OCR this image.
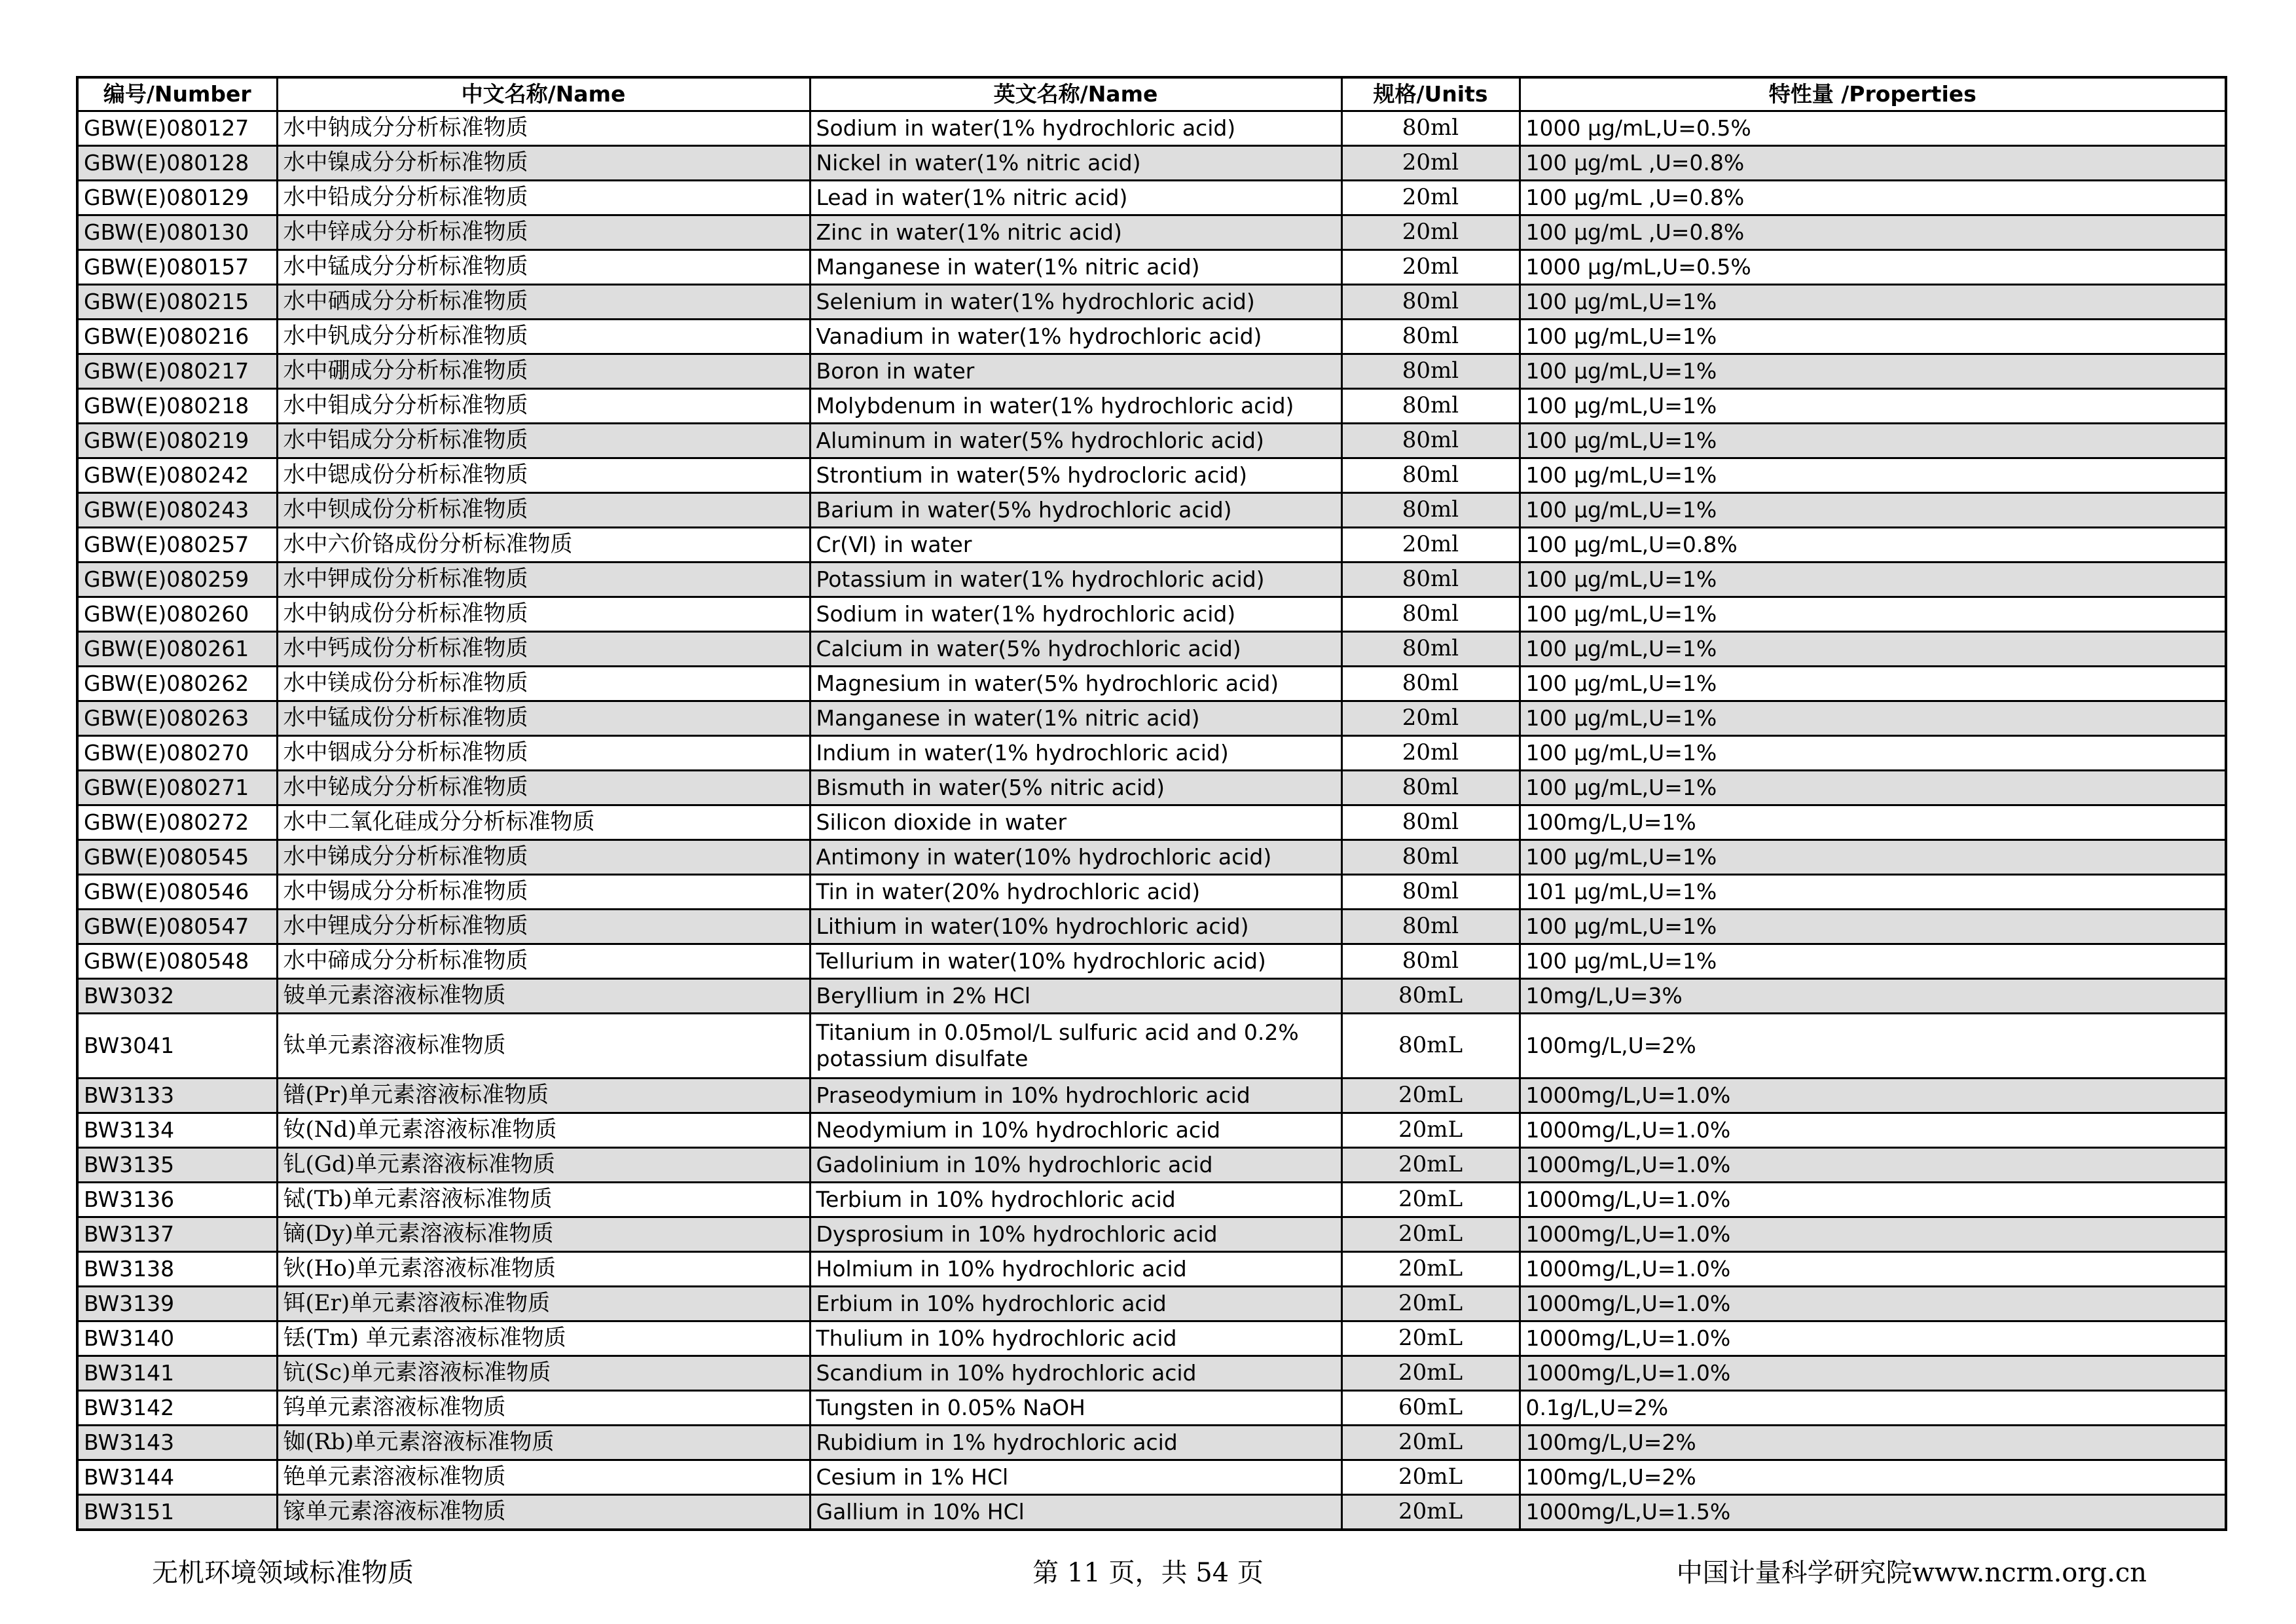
编号/Number	中文名称/Name	英文名称/Name	规格/Units	特性量 /Properties
GBW(E)080127	水中钠成分分析标准物质	Sodium in water(1% hydrochloric acid)	80ml	1000 μg/mL,U=0.5%
GBW(E)080128	水中镍成分分析标准物质	Nickel in water(1% nitric acid)	20ml	100 μg/mL ,U=0.8%
GBW(E)080129	水中铅成分分析标准物质	Lead in water(1% nitric acid)	20ml	100 μg/mL ,U=0.8%
GBW(E)080130	水中锌成分分析标准物质	Zinc in water(1% nitric acid)	20ml	100 μg/mL ,U=0.8%
GBW(E)080157	水中锰成分分析标准物质	Manganese in water(1% nitric acid)	20ml	1000 μg/mL,U=0.5%
GBW(E)080215	水中硒成分分析标准物质	Selenium in water(1% hydrochloric acid)	80ml	100 μg/mL,U=1%
GBW(E)080216	水中钒成分分析标准物质	Vanadium in water(1% hydrochloric acid)	80ml	100 μg/mL,U=1%
GBW(E)080217	水中硼成分分析标准物质	Boron in water	80ml	100 μg/mL,U=1%
GBW(E)080218	水中钼成分分析标准物质	Molybdenum in water(1% hydrochloric acid)	80ml	100 μg/mL,U=1%
GBW(E)080219	水中铝成分分析标准物质	Aluminum in water(5% hydrochloric acid)	80ml	100 μg/mL,U=1%
GBW(E)080242	水中锶成份分析标准物质	Strontium in water(5% hydrocloric acid)	80ml	100 μg/mL,U=1%
GBW(E)080243	水中钡成份分析标准物质	Barium in water(5% hydrochloric acid)	80ml	100 μg/mL,U=1%
GBW(E)080257	水中六价铬成份分析标准物质	Cr(Ⅵ) in water	20ml	100 μg/mL,U=0.8%
GBW(E)080259	水中钾成份分析标准物质	Potassium in water(1% hydrochloric acid)	80ml	100 μg/mL,U=1%
GBW(E)080260	水中钠成份分析标准物质	Sodium in water(1% hydrochloric acid)	80ml	100 μg/mL,U=1%
GBW(E)080261	水中钙成份分析标准物质	Calcium in water(5% hydrochloric acid)	80ml	100 μg/mL,U=1%
GBW(E)080262	水中镁成份分析标准物质	Magnesium in water(5% hydrochloric acid)	80ml	100 μg/mL,U=1%
GBW(E)080263	水中锰成份分析标准物质	Manganese in water(1% nitric acid)	20ml	100 μg/mL,U=1%
GBW(E)080270	水中铟成分分析标准物质	Indium in water(1% hydrochloric acid)	20ml	100 μg/mL,U=1%
GBW(E)080271	水中铋成分分析标准物质	Bismuth in water(5% nitric acid)	80ml	100 μg/mL,U=1%
GBW(E)080272	水中二氧化硅成分分析标准物质	Silicon dioxide in water	80ml	100mg/L,U=1%
GBW(E)080545	水中锑成分分析标准物质	Antimony in water(10% hydrochloric acid)	80ml	100 μg/mL,U=1%
GBW(E)080546	水中锡成分分析标准物质	Tin in water(20% hydrochloric acid)	80ml	101 μg/mL,U=1%
GBW(E)080547	水中锂成分分析标准物质	Lithium in water(10% hydrochloric acid)	80ml	100 μg/mL,U=1%
GBW(E)080548	水中碲成分分析标准物质	Tellurium in water(10% hydrochloric acid)	80ml	100 μg/mL,U=1%
BW3032	铍单元素溶液标准物质	Beryllium in 2% HCl	80mL	10mg/L,U=3%
BW3041	钛单元素溶液标准物质	Titanium in 0.05mol/L sulfuric acid and 0.2% potassium disulfate	80mL	100mg/L,U=2%
BW3133	镨(Pr)单元素溶液标准物质	Praseodymium in 10% hydrochloric acid	20mL	1000mg/L,U=1.0%
BW3134	钕(Nd)单元素溶液标准物质	Neodymium in 10% hydrochloric acid	20mL	1000mg/L,U=1.0%
BW3135	钆(Gd)单元素溶液标准物质	Gadolinium in 10% hydrochloric acid	20mL	1000mg/L,U=1.0%
BW3136	铽(Tb)单元素溶液标准物质	Terbium in 10% hydrochloric acid	20mL	1000mg/L,U=1.0%
BW3137	镝(Dy)单元素溶液标准物质	Dysprosium in 10% hydrochloric acid	20mL	1000mg/L,U=1.0%
BW3138	钬(Ho)单元素溶液标准物质	Holmium in 10% hydrochloric acid	20mL	1000mg/L,U=1.0%
BW3139	铒(Er)单元素溶液标准物质	Erbium in 10% hydrochloric acid	20mL	1000mg/L,U=1.0%
BW3140	铥(Tm) 单元素溶液标准物质	Thulium in 10% hydrochloric acid	20mL	1000mg/L,U=1.0%
BW3141	钪(Sc)单元素溶液标准物质	Scandium in 10% hydrochloric acid	20mL	1000mg/L,U=1.0%
BW3142	钨单元素溶液标准物质	Tungsten in 0.05% NaOH	60mL	0.1g/L,U=2%
BW3143	铷(Rb)单元素溶液标准物质	Rubidium in 1% hydrochloric acid	20mL	100mg/L,U=2%
BW3144	铯单元素溶液标准物质	Cesium in 1% HCl	20mL	100mg/L,U=2%
BW3151	镓单元素溶液标准物质	Gallium in 10% HCl	20mL	1000mg/L,U=1.5%
无机环境领域标准物质	第 11 页，共 54 页	中国计量科学研究院www.ncrm.org.cn
